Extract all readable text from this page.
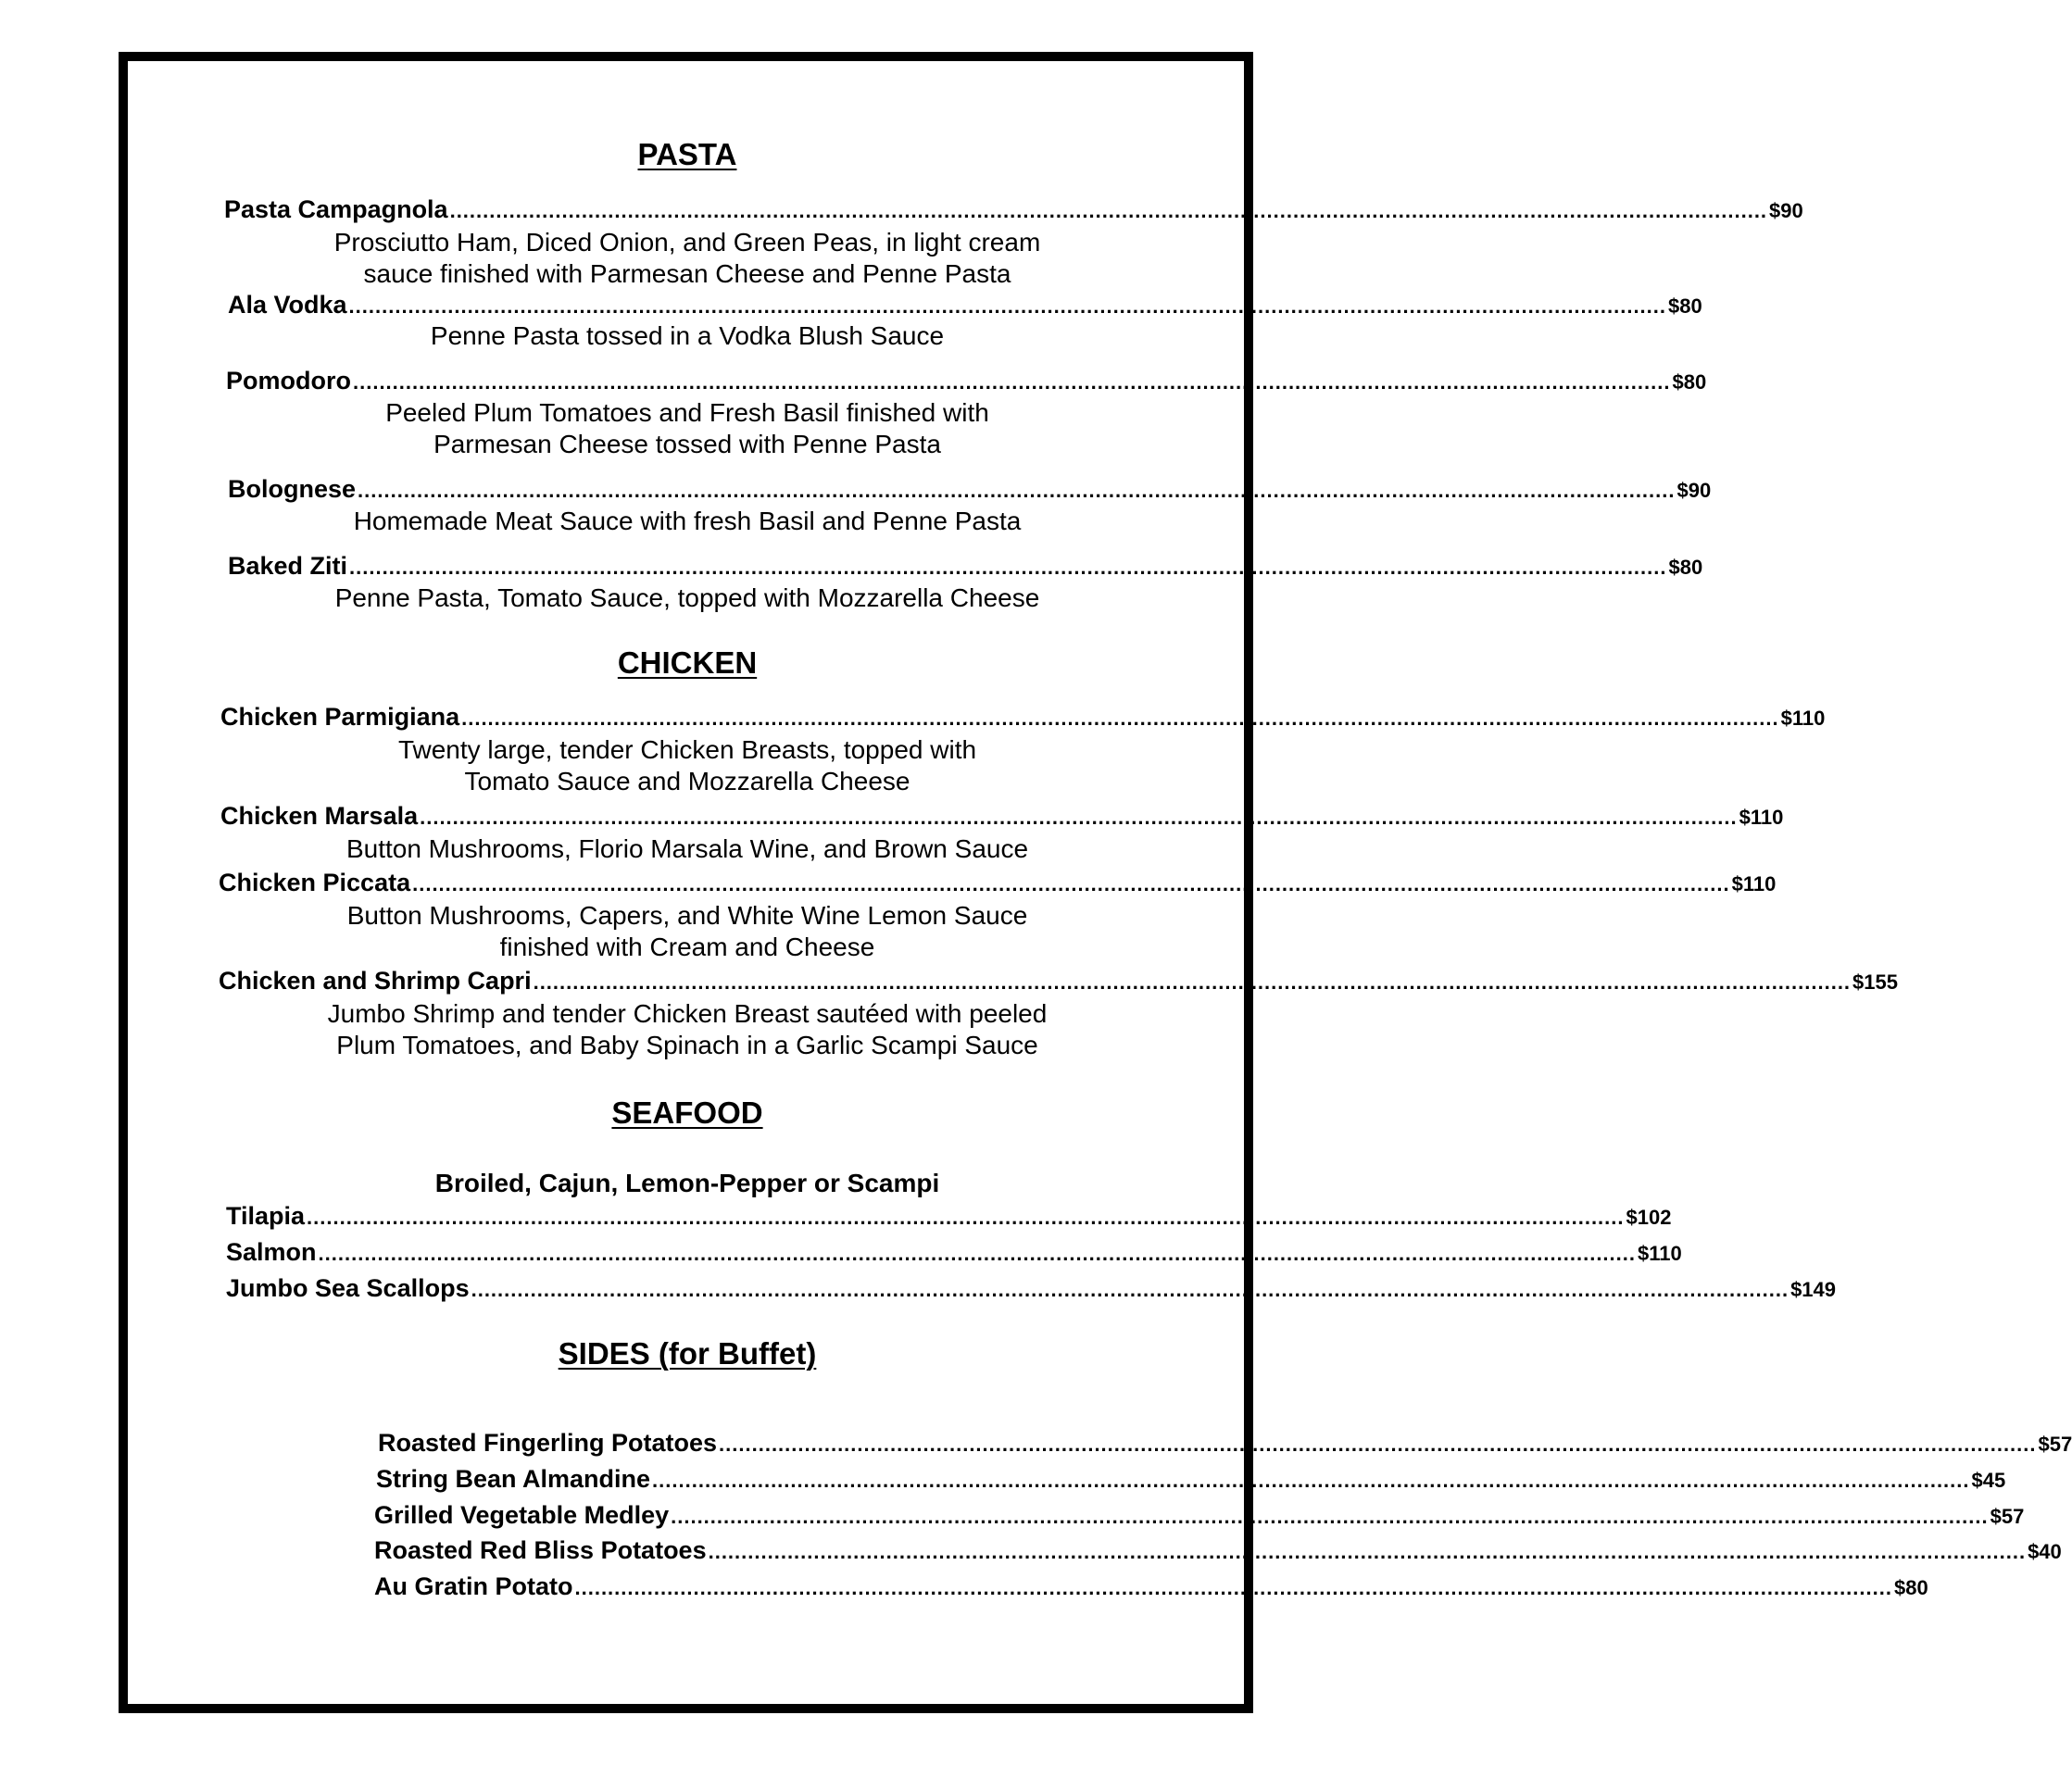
PASTA
Pasta Campagnola ........................................................................................................................................................................................................ $90
Prosciutto Ham, Diced Onion, and Green Peas, in light cream
sauce finished with Parmesan Cheese and Penne Pasta
Ala Vodka ........................................................................................................................................................................................................ $80
Penne Pasta tossed in a Vodka Blush Sauce
Pomodoro ........................................................................................................................................................................................................ $80
Peeled Plum Tomatoes and Fresh Basil finished with
Parmesan Cheese tossed with Penne Pasta
Bolognese ........................................................................................................................................................................................................ $90
Homemade Meat Sauce with fresh Basil and Penne Pasta
Baked Ziti ........................................................................................................................................................................................................ $80
Penne Pasta, Tomato Sauce, topped with Mozzarella Cheese
CHICKEN
Chicken Parmigiana ........................................................................................................................................................................................................ $110
Twenty large, tender Chicken Breasts, topped with
Tomato Sauce and Mozzarella Cheese
Chicken Marsala ........................................................................................................................................................................................................ $110
Button Mushrooms, Florio Marsala Wine, and Brown Sauce
Chicken Piccata ........................................................................................................................................................................................................ $110
Button Mushrooms, Capers, and White Wine Lemon Sauce
finished with Cream and Cheese
Chicken and Shrimp Capri ........................................................................................................................................................................................................ $155
Jumbo Shrimp and tender Chicken Breast sautéed with peeled
Plum Tomatoes, and Baby Spinach in a Garlic Scampi Sauce
SEAFOOD
Broiled, Cajun, Lemon-Pepper or Scampi
Tilapia ........................................................................................................................................................................................................ $102
Salmon ........................................................................................................................................................................................................ $110
Jumbo Sea Scallops ........................................................................................................................................................................................................ $149
SIDES (for Buffet)
Roasted Fingerling Potatoes ........................................................................................................................................................................................................ $57
String Bean Almandine ........................................................................................................................................................................................................ $45
Grilled Vegetable Medley ........................................................................................................................................................................................................ $57
Roasted Red Bliss Potatoes ........................................................................................................................................................................................................ $40
Au Gratin Potato ........................................................................................................................................................................................................ $80
